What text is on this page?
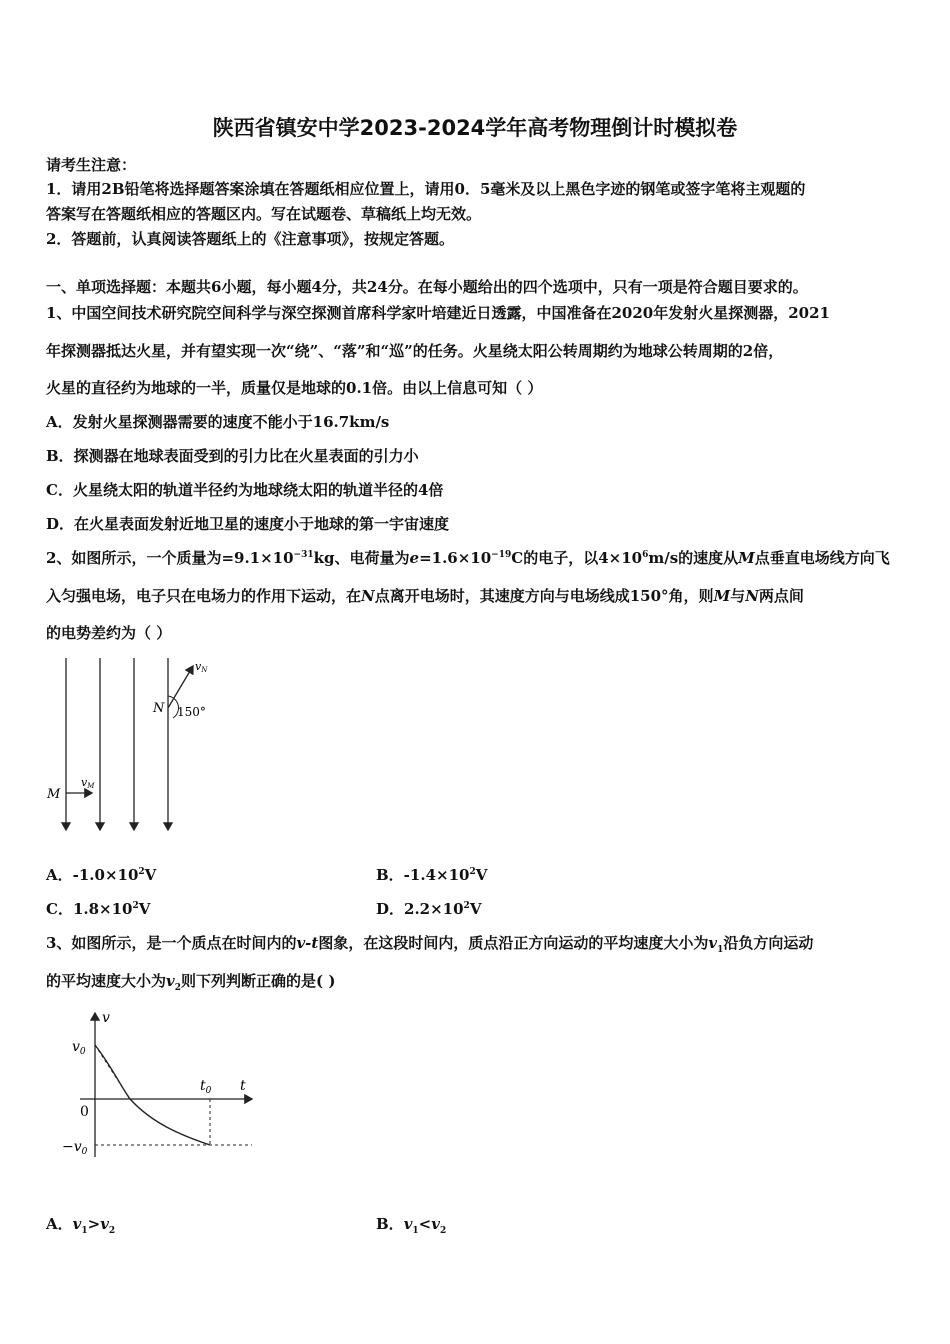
陕西省镇安中学2023-2024学年高考物理倒计时模拟卷
请考生注意：
1．请用2B铅笔将选择题答案涂填在答题纸相应位置上，请用0．5毫米及以上黑色字迹的钢笔或签字笔将主观题的
答案写在答题纸相应的答题区内。写在试题卷、草稿纸上均无效。
2．答题前，认真阅读答题纸上的《注意事项》，按规定答题。
一、单项选择题：本题共6小题，每小题4分，共24分。在每小题给出的四个选项中，只有一项是符合题目要求的。
1、中国空间技术研究院空间科学与深空探测首席科学家叶培建近日透露，中国准备在2020年发射火星探测器，2021
年探测器抵达火星，并有望实现一次“绕”、“落”和“巡”的任务。火星绕太阳公转周期约为地球公转周期的2倍，
火星的直径约为地球的一半，质量仅是地球的0.1倍。由以上信息可知（ ）
A．发射火星探测器需要的速度不能小于16.7km/s
B．探测器在地球表面受到的引力比在火星表面的引力小
C．火星绕太阳的轨道半径约为地球绕太阳的轨道半径的4倍
D．在火星表面发射近地卫星的速度小于地球的第一宇宙速度
2、如图所示，一个质量为$=9.1\times 10^{-31}kg$、电荷量为$e=1.6\times 10^{-19}C$的电子，以$4\times 10^6m/s$的速度从M点垂直电场线方向飞
入匀强电场，电子只在电场力的作用下运动，在N点离开电场时，其速度方向与电场线成150°角，则M与N两点间
的电势差约为（ ）
vN
N 150°
M
vM
A．$-1.0\times 10^2V$	B．$-1.4\times 10^2V$
C．$1.8\times 10^2V$	D．$2.2\times 10^2V$
3、如图所示，是一个质点在时间内的v-t图象，在这段时间内，质点沿正方向运动的平均速度大小为$v_1$沿负方向运动
的平均速度大小为$v_2$则下列判断正确的是( )
v
$v_0$
$t_0$ t
0
$-v_0$
A．$v_1>v_2$	B．$v_1<v_2$
